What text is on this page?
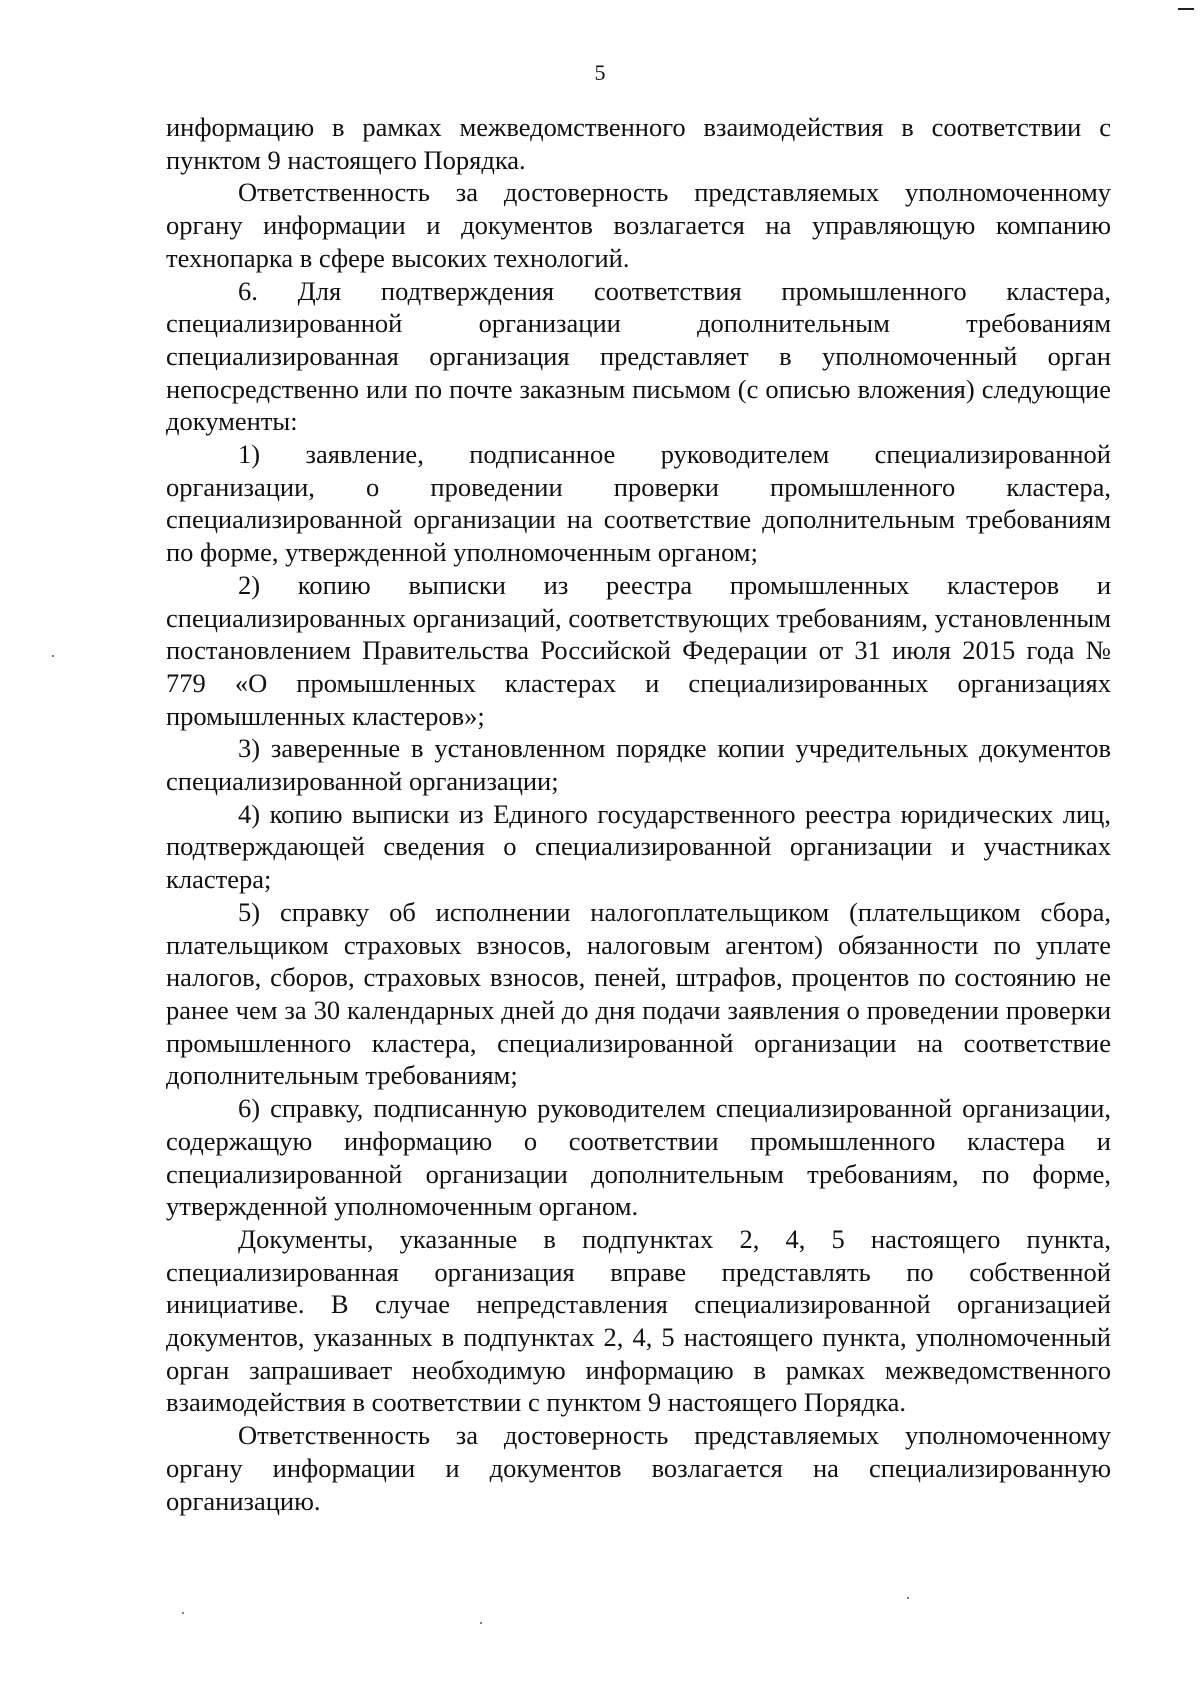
5

информацию в рамках межведомственного взаимодействия в соответствии с пунктом 9 настоящего Порядка.

Ответственность за достоверность представляемых уполномоченному органу информации и документов возлагается на управляющую компанию технопарка в сфере высоких технологий.

6. Для подтверждения соответствия промышленного кластера, специализированной организации дополнительным требованиям специализированная организация представляет в уполномоченный орган непосредственно или по почте заказным письмом (с описью вложения) следующие документы:

1) заявление, подписанное руководителем специализированной организации, о проведении проверки промышленного кластера, специализированной организации на соответствие дополнительным требованиям по форме, утвержденной уполномоченным органом;

2) копию выписки из реестра промышленных кластеров и специализированных организаций, соответствующих требованиям, установленным постановлением Правительства Российской Федерации от 31 июля 2015 года № 779 «О промышленных кластерах и специализированных организациях промышленных кластеров»;

3) заверенные в установленном порядке копии учредительных документов специализированной организации;

4) копию выписки из Единого государственного реестра юридических лиц, подтверждающей сведения о специализированной организации и участниках кластера;

5) справку об исполнении налогоплательщиком (плательщиком сбора, плательщиком страховых взносов, налоговым агентом) обязанности по уплате налогов, сборов, страховых взносов, пеней, штрафов, процентов по состоянию не ранее чем за 30 календарных дней до дня подачи заявления о проведении проверки промышленного кластера, специализированной организации на соответствие дополнительным требованиям;

6) справку, подписанную руководителем специализированной организации, содержащую информацию о соответствии промышленного кластера и специализированной организации дополнительным требованиям, по форме, утвержденной уполномоченным органом.

Документы, указанные в подпунктах 2, 4, 5 настоящего пункта, специализированная организация вправе представлять по собственной инициативе. В случае непредставления специализированной организацией документов, указанных в подпунктах 2, 4, 5 настоящего пункта, уполномоченный орган запрашивает необходимую информацию в рамках межведомственного взаимодействия в соответствии с пунктом 9 настоящего Порядка.

Ответственность за достоверность представляемых уполномоченному органу информации и документов возлагается на специализированную организацию.
